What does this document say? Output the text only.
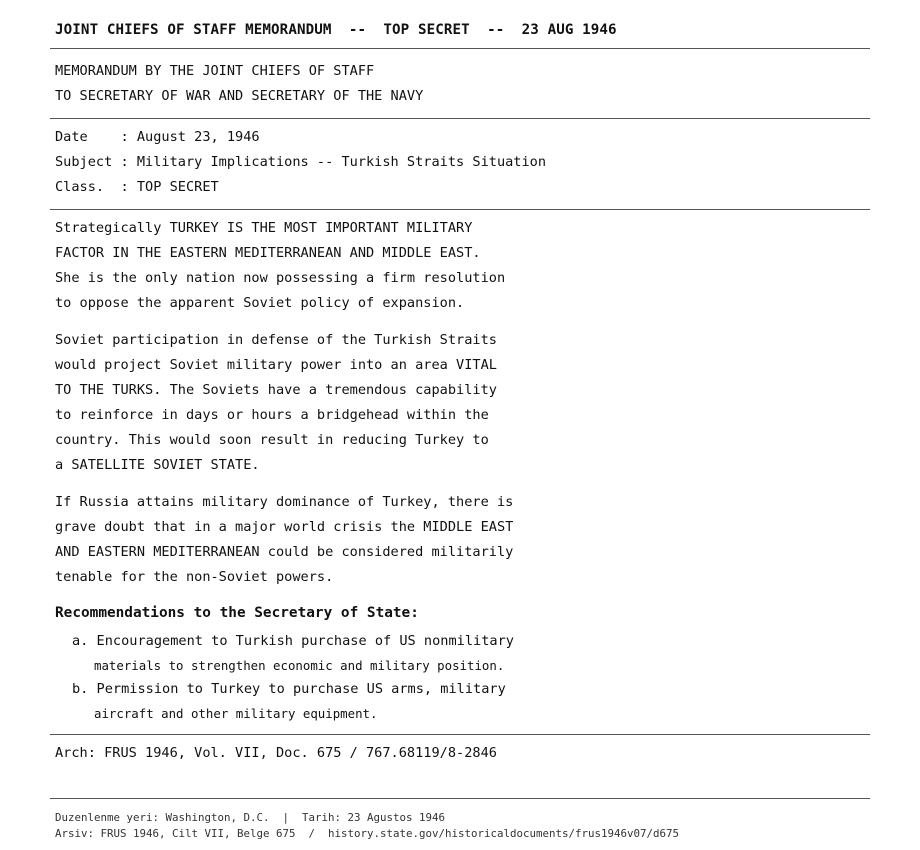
JOINT CHIEFS OF STAFF MEMORANDUM  --  TOP SECRET  --  23 AUG 1946
MEMORANDUM BY THE JOINT CHIEFS OF STAFF
TO SECRETARY OF WAR AND SECRETARY OF THE NAVY
Date    : August 23, 1946
Subject : Military Implications -- Turkish Straits Situation
Class.  : TOP SECRET
Strategically TURKEY IS THE MOST IMPORTANT MILITARY
FACTOR IN THE EASTERN MEDITERRANEAN AND MIDDLE EAST.
She is the only nation now possessing a firm resolution
to oppose the apparent Soviet policy of expansion.
Soviet participation in defense of the Turkish Straits
would project Soviet military power into an area VITAL
TO THE TURKS. The Soviets have a tremendous capability
to reinforce in days or hours a bridgehead within the
country. This would soon result in reducing Turkey to
a SATELLITE SOVIET STATE.
If Russia attains military dominance of Turkey, there is
grave doubt that in a major world crisis the MIDDLE EAST
AND EASTERN MEDITERRANEAN could be considered militarily
tenable for the non-Soviet powers.
Recommendations to the Secretary of State:
a. Encouragement to Turkish purchase of US nonmilitary
materials to strengthen economic and military position.
b. Permission to Turkey to purchase US arms, military
aircraft and other military equipment.
Arch: FRUS 1946, Vol. VII, Doc. 675 / 767.68119/8-2846
Duzenlenme yeri: Washington, D.C.  |  Tarih: 23 Agustos 1946
Arsiv: FRUS 1946, Cilt VII, Belge 675  /  history.state.gov/historicaldocuments/frus1946v07/d675
